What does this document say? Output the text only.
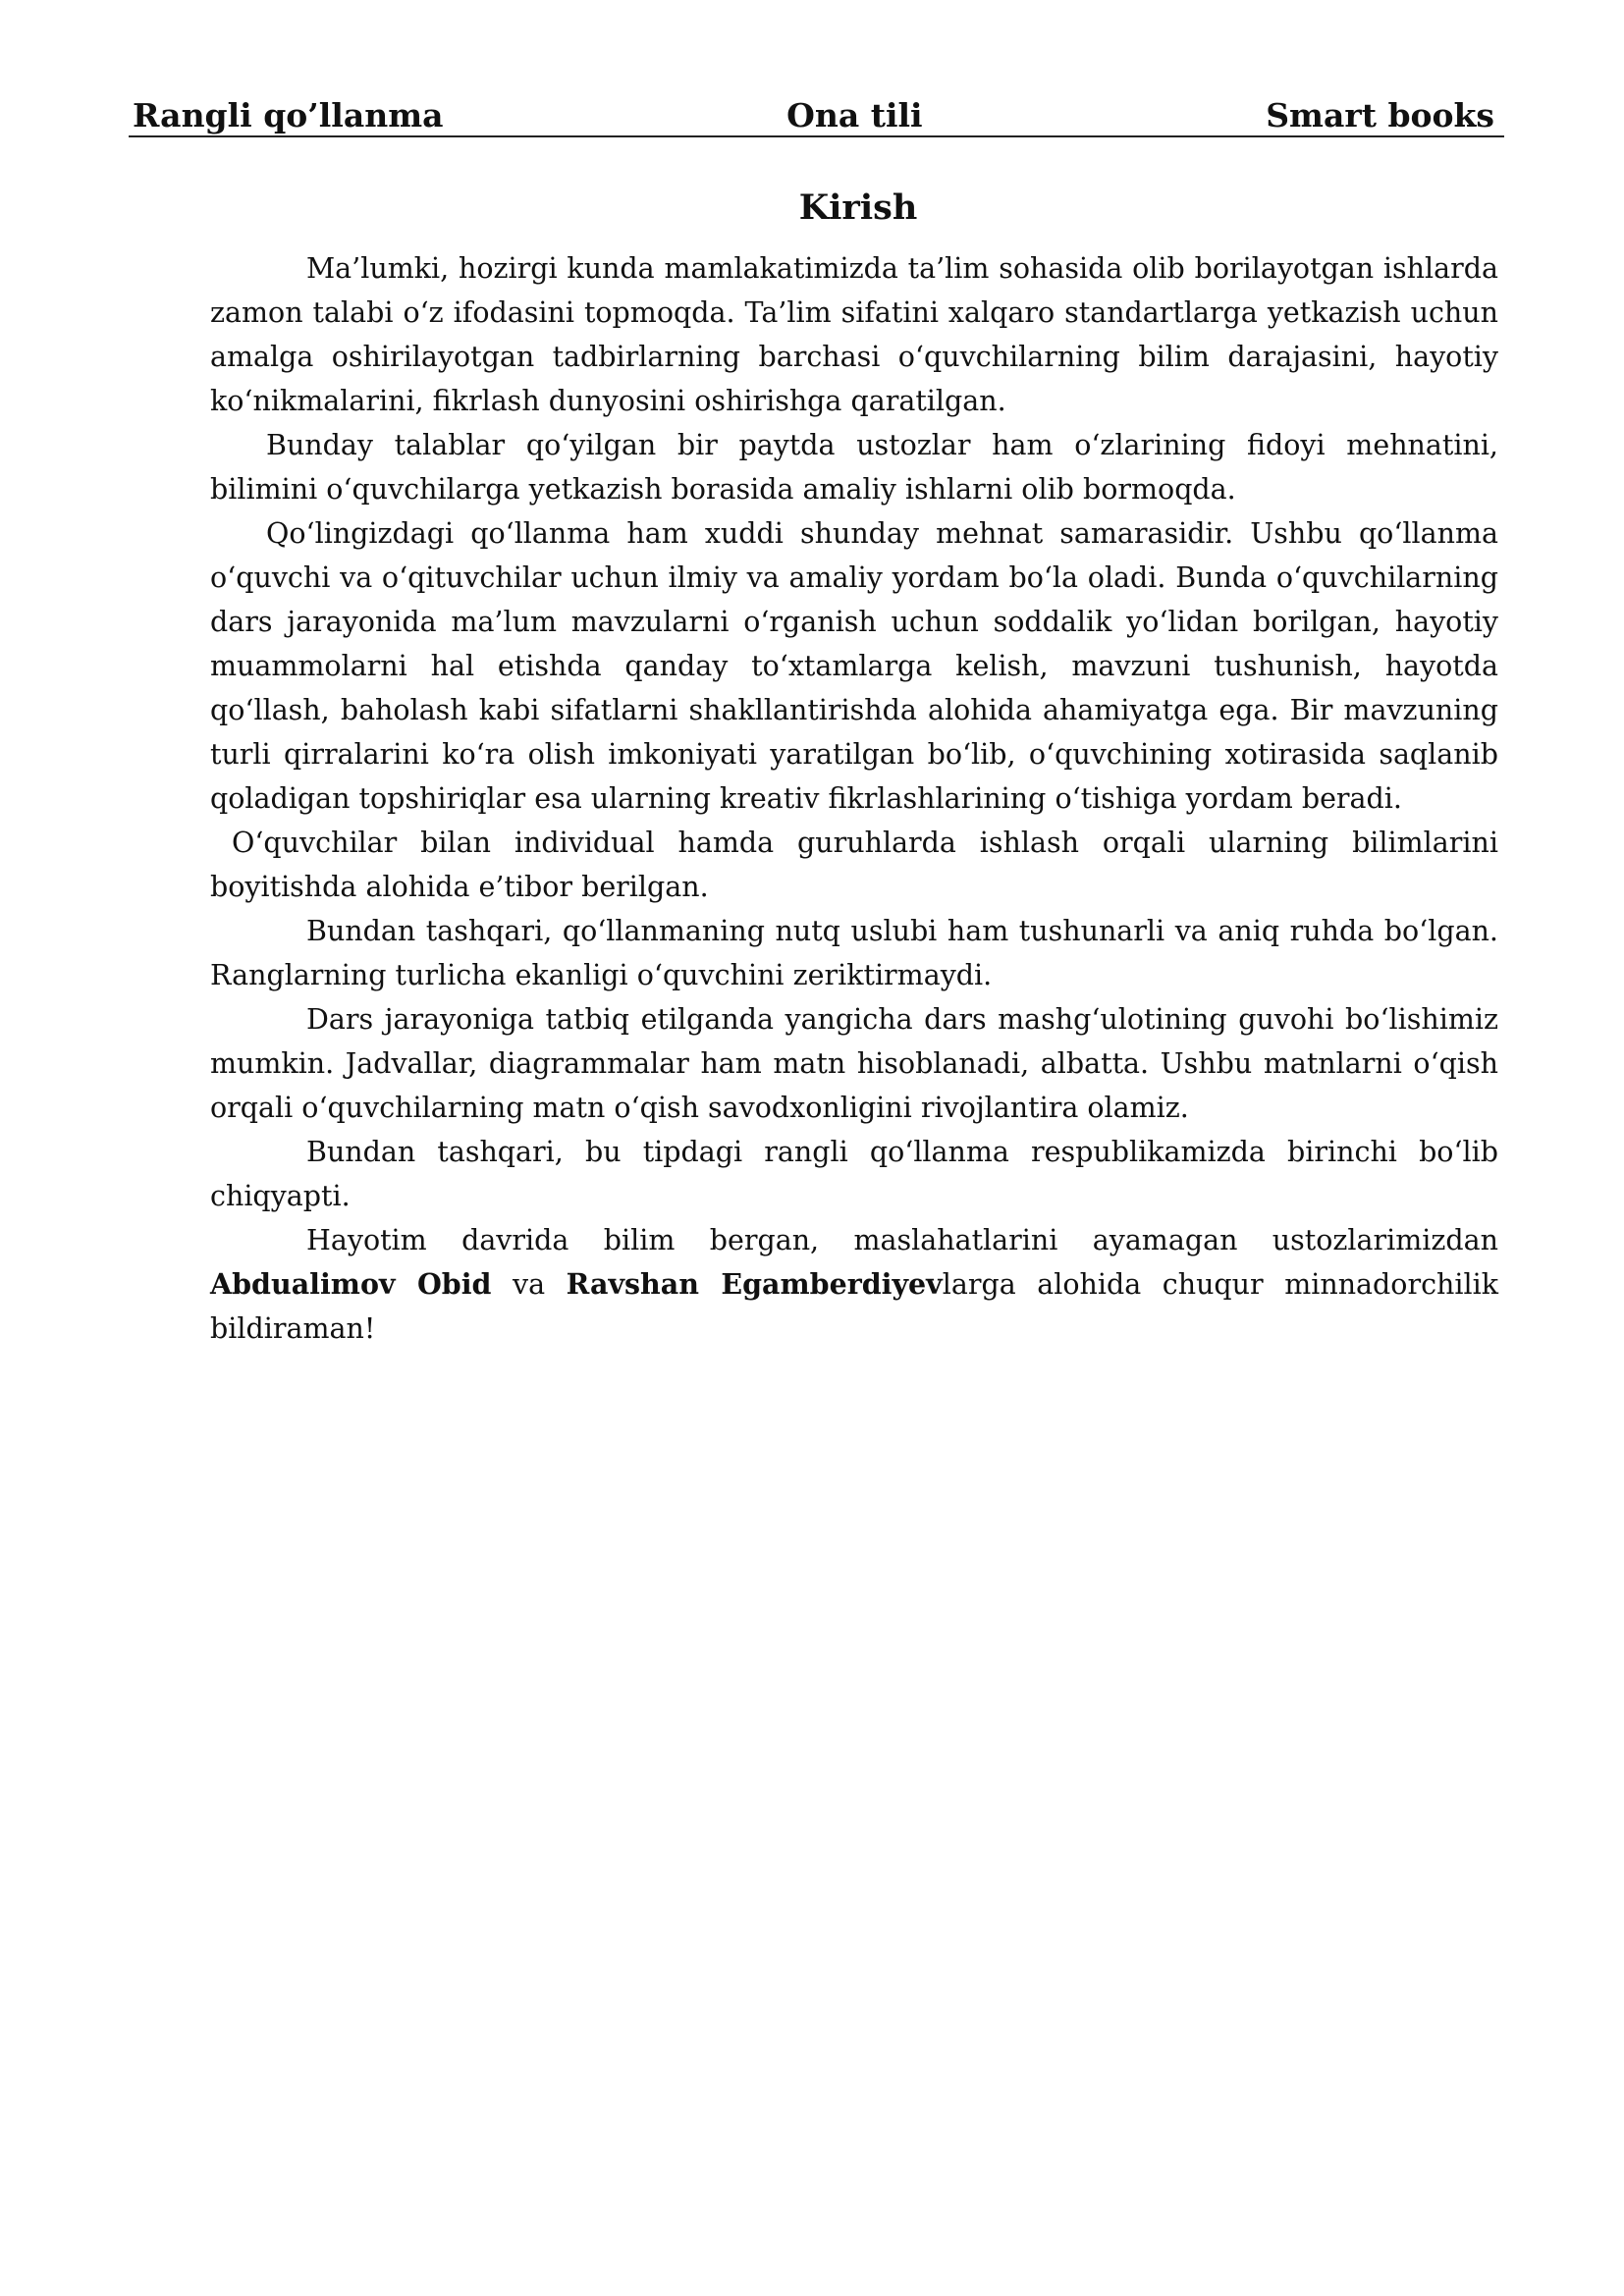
Rangli qo’llanma	Ona tili	Smart books
Kirish

Ma’lumki, hozirgi kunda mamlakatimizda ta’lim sohasida olib borilayotgan ishlarda zamon talabi oʻz ifodasini topmoqda. Ta’lim sifatini xalqaro standartlarga yetkazish uchun amalga oshirilayotgan tadbirlarning barchasi oʻquvchilarning bilim darajasini, hayotiy koʻnikmalarini, fikrlash dunyosini oshirishga qaratilgan.

Bunday talablar qoʻyilgan bir paytda ustozlar ham oʻzlarining fidoyi mehnatini, bilimini oʻquvchilarga yetkazish borasida amaliy ishlarni olib bormoqda.

Qoʻlingizdagi qoʻllanma ham xuddi shunday mehnat samarasidir. Ushbu qoʻllanma oʻquvchi va oʻqituvchilar uchun ilmiy va amaliy yordam boʻla oladi. Bunda oʻquvchilarning dars jarayonida ma’lum mavzularni oʻrganish uchun soddalik yoʻlidan borilgan, hayotiy muammolarni hal etishda qanday toʻxtamlarga kelish, mavzuni tushunish, hayotda qoʻllash, baholash kabi sifatlarni shakllantirishda alohida ahamiyatga ega. Bir mavzuning turli qirralarini koʻra olish imkoniyati yaratilgan boʻlib, oʻquvchining xotirasida saqlanib qoladigan topshiriqlar esa ularning kreativ fikrlashlarining oʻtishiga yordam beradi.

Oʻquvchilar bilan individual hamda guruhlarda ishlash orqali ularning bilimlarini boyitishda alohida e’tibor berilgan.

Bundan tashqari, qoʻllanmaning nutq uslubi ham tushunarli va aniq ruhda boʻlgan. Ranglarning turlicha ekanligi oʻquvchini zeriktirmaydi.

Dars jarayoniga tatbiq etilganda yangicha dars mashgʻulotining guvohi boʻlishimiz mumkin. Jadvallar, diagrammalar ham matn hisoblanadi, albatta. Ushbu matnlarni oʻqish orqali oʻquvchilarning matn oʻqish savodxonligini rivojlantira olamiz.

Bundan tashqari, bu tipdagi rangli qoʻllanma respublikamizda birinchi boʻlib chiqyapti.

Hayotim davrida bilim bergan, maslahatlarini ayamagan ustozlarimizdan Abdualimov Obid va Ravshan Egamberdiyevlarga alohida chuqur minnadorchilik bildiraman!
